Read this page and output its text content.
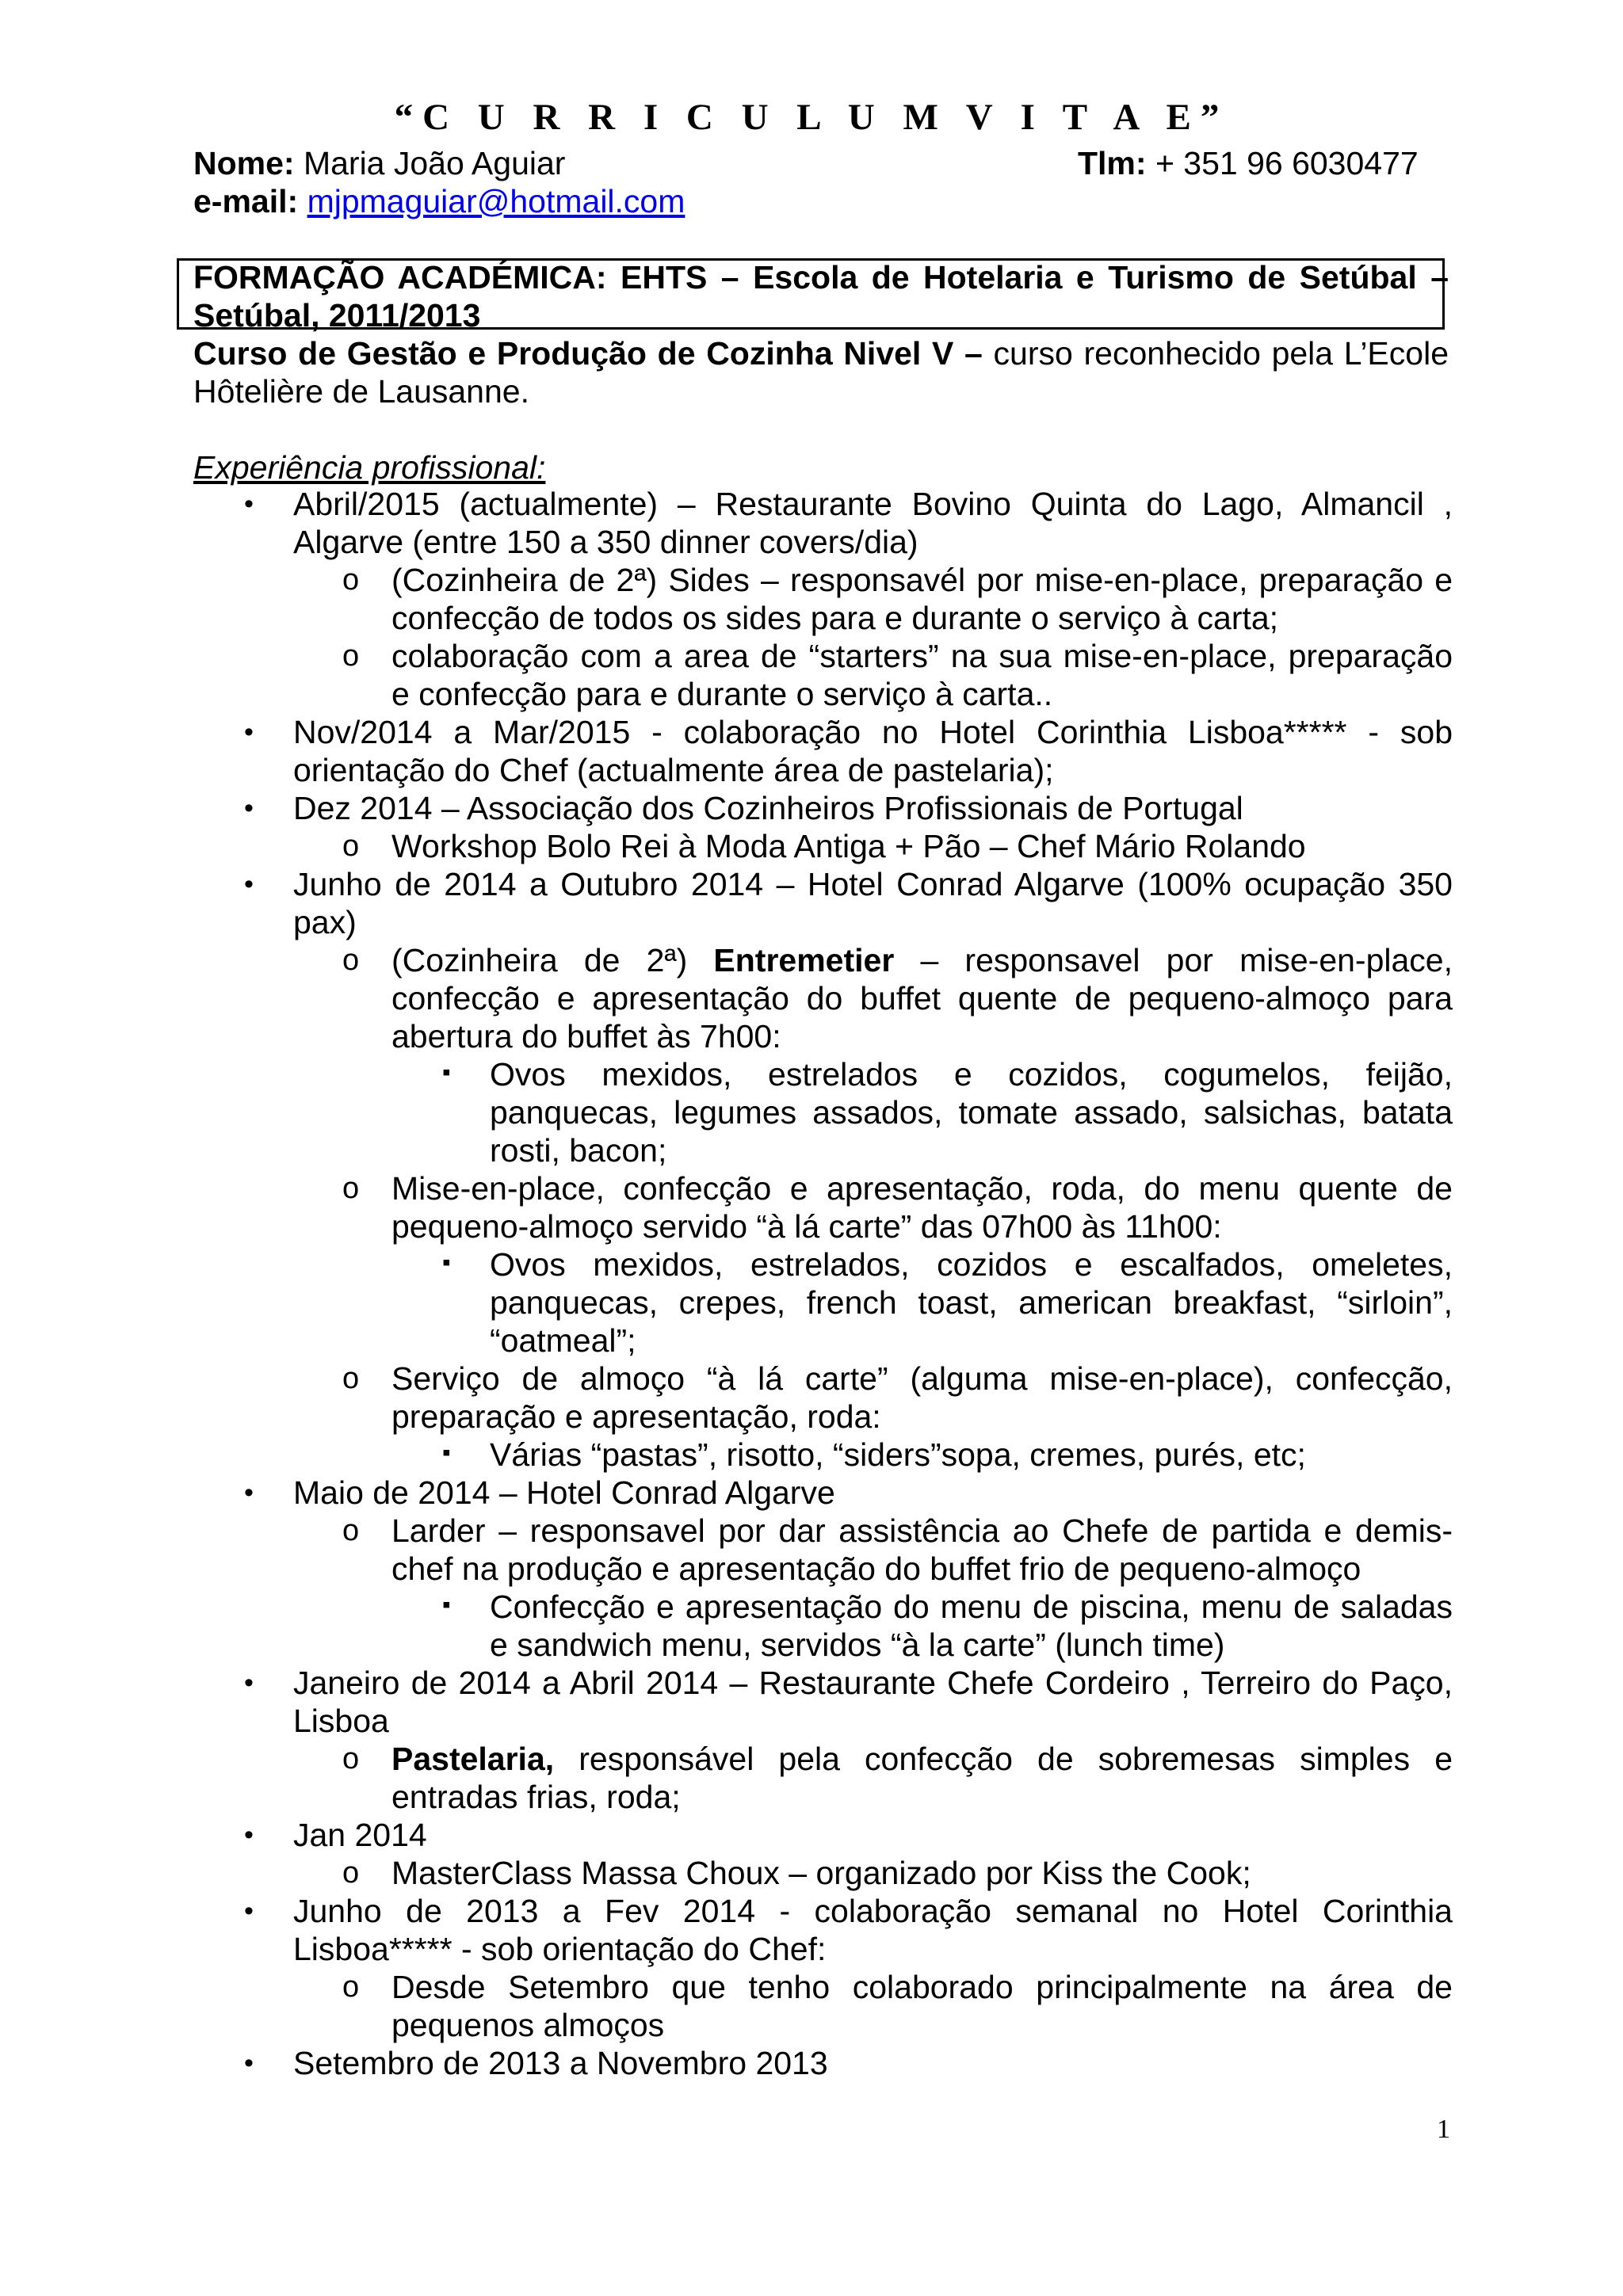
“C U R R I C U L U M V I T A E”
Nome: Maria João Aguiar	Tlm: + 351 96 6030477
e-mail: mjpmaguiar@hotmail.com
FORMAÇÃO ACADÉMICA: EHTS – Escola de Hotelaria e Turismo de Setúbal – Setúbal, 2011/2013
Curso de Gestão e Produção de Cozinha Nivel V – curso reconhecido pela L’Ecole Hôtelière de Lausanne.
Experiência profissional:
• Abril/2015 (actualmente) – Restaurante Bovino Quinta do Lago, Almancil , Algarve (entre 150 a 350 dinner covers/dia)
o (Cozinheira de 2ª) Sides – responsavél por mise-en-place, preparação e confecção de todos os sides para e durante o serviço à carta;
o colaboração com a area de “starters” na sua mise-en-place, preparação e confecção para e durante o serviço à carta..
• Nov/2014 a Mar/2015 - colaboração no Hotel Corinthia Lisboa***** - sob orientação do Chef (actualmente área de pastelaria);
• Dez 2014 – Associação dos Cozinheiros Profissionais de Portugal
o Workshop Bolo Rei à Moda Antiga + Pão – Chef Mário Rolando
• Junho de 2014 a Outubro 2014 – Hotel Conrad Algarve (100% ocupação 350 pax)
o (Cozinheira de 2ª) Entremetier – responsavel por mise-en-place, confecção e apresentação do buffet quente de pequeno-almoço para abertura do buffet às 7h00:
▪ Ovos mexidos, estrelados e cozidos, cogumelos, feijão, panquecas, legumes assados, tomate assado, salsichas, batata rosti, bacon;
o Mise-en-place, confecção e apresentação, roda, do menu quente de pequeno-almoço servido “à lá carte” das 07h00 às 11h00:
▪ Ovos mexidos, estrelados, cozidos e escalfados, omeletes, panquecas, crepes, french toast, american breakfast, “sirloin”, “oatmeal”;
o Serviço de almoço “à lá carte” (alguma mise-en-place), confecção, preparação e apresentação, roda:
▪ Várias “pastas”, risotto, “siders”sopa, cremes, purés, etc;
• Maio de 2014 – Hotel Conrad Algarve
o Larder – responsavel por dar assistência ao Chefe de partida e demis-chef na produção e apresentação do buffet frio de pequeno-almoço
▪ Confecção e apresentação do menu de piscina, menu de saladas e sandwich menu, servidos “à la carte” (lunch time)
• Janeiro de 2014 a Abril 2014 – Restaurante Chefe Cordeiro , Terreiro do Paço, Lisboa
o Pastelaria, responsável pela confecção de sobremesas simples e entradas frias, roda;
• Jan 2014
o MasterClass Massa Choux – organizado por Kiss the Cook;
• Junho de 2013 a Fev 2014 - colaboração semanal no Hotel Corinthia Lisboa***** - sob orientação do Chef:
o Desde Setembro que tenho colaborado principalmente na área de pequenos almoços
• Setembro de 2013 a Novembro 2013
1
